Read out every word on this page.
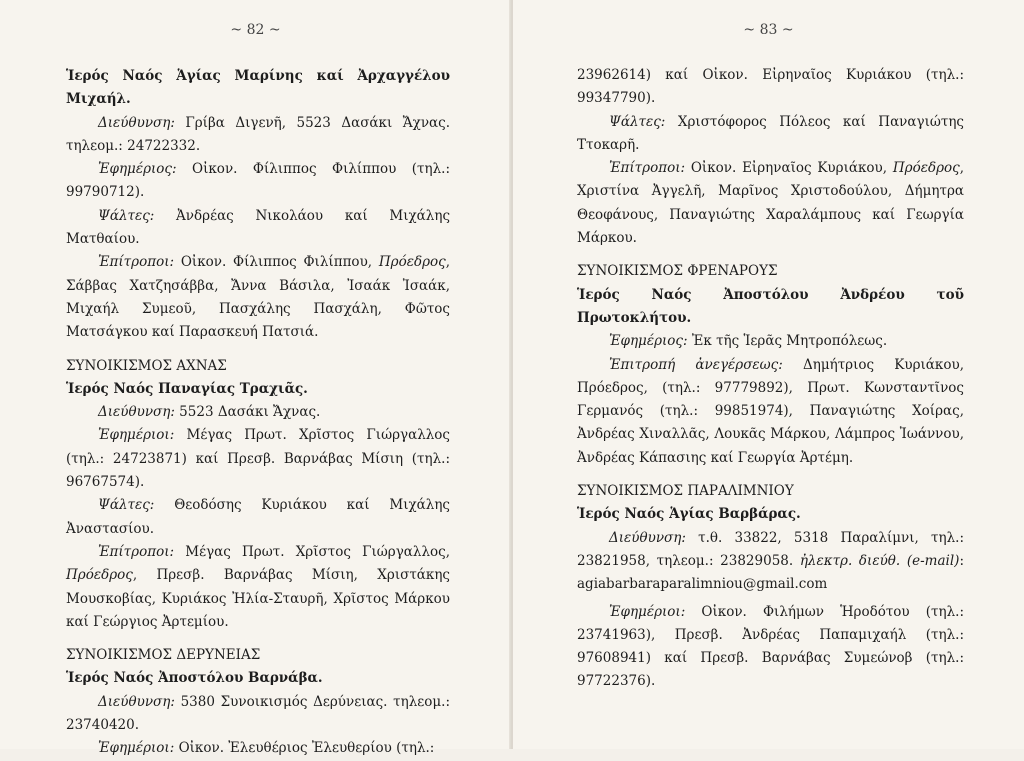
~ 82 ~

Ἱερός Ναός Ἁγίας Μαρίνης καί Ἀρχαγγέλου Μιχαήλ.

Διεύθυνση: Γρίβα Διγενῆ, 5523 Δασάκι Ἄχνας. τηλεομ.: 24722332.

Ἐφημέριος: Οἰκον. Φίλιππος Φιλίππου (τηλ.: 99790712).

Ψάλτες: Ἀνδρέας Νικολάου καί Μιχάλης Ματθαίου.

Ἐπίτροποι: Οἰκον. Φίλιππος Φιλίππου, Πρόεδρος, Σάββας Χατζησάββα, Ἄννα Βάσιλα, Ἰσαάκ Ἰσαάκ, Μιχαήλ Συμεοῦ, Πασχάλης Πασχάλη, Φῶτος Ματσάγκου καί Παρασκευή Πατσιά.

ΣΥΝΟΙΚΙΣΜΟΣ ΑΧΝΑΣ

Ἱερός Ναός Παναγίας Τραχιᾶς.

Διεύθυνση: 5523 Δασάκι Ἄχνας.

Ἐφημέριοι: Μέγας Πρωτ. Χρῖστος Γιώργαλλος (τηλ.: 24723871) καί Πρεσβ. Βαρνάβας Μίσιη (τηλ.: 96767574).

Ψάλτες: Θεοδόσης Κυριάκου καί Μιχάλης Ἀναστασίου.

Ἐπίτροποι: Μέγας Πρωτ. Χρῖστος Γιώργαλλος, Πρόεδρος, Πρεσβ. Βαρνάβας Μίσιη, Χριστάκης Μουσκοβίας, Κυριάκος Ἠλία-Σταυρῆ, Χρῖστος Μάρκου καί Γεώργιος Ἀρτεμίου.

ΣΥΝΟΙΚΙΣΜΟΣ ΔΕΡΥΝΕΙΑΣ

Ἱερός Ναός Ἀποστόλου Βαρνάβα.

Διεύθυνση: 5380 Συνοικισμός Δερύνειας. τηλεομ.: 23740420.

Ἐφημέριοι: Οἰκον. Ἐλευθέριος Ἐλευθερίου (τηλ.:

~ 83 ~

23962614) καί Οἰκον. Εἰρηναῖος Κυριάκου (τηλ.: 99347790).

Ψάλτες: Χριστόφορος Πόλεος καί Παναγιώτης Ττοκαρῆ.

Ἐπίτροποι: Οἰκον. Εἰρηναῖος Κυριάκου, Πρόεδρος, Χριστίνα Ἀγγελῆ, Μαρῖνος Χριστοδούλου, Δήμητρα Θεοφάνους, Παναγιώτης Χαραλάμπους καί Γεωργία Μάρκου.

ΣΥΝΟΙΚΙΣΜΟΣ ΦΡΕΝΑΡΟΥΣ

Ἱερός Ναός Ἀποστόλου Ἀνδρέου τοῦ Πρωτοκλήτου.

Ἐφημέριος: Ἐκ τῆς Ἱερᾶς Μητροπόλεως.

Ἐπιτροπή ἀνεγέρσεως: Δημήτριος Κυριάκου, Πρόεδρος, (τηλ.: 97779892), Πρωτ. Κωνσταντῖνος Γερμανός (τηλ.: 99851974), Παναγιώτης Χοίρας, Ἀνδρέας Χιναλλᾶς, Λουκᾶς Μάρκου, Λάμπρος Ἰωάννου, Ἀνδρέας Κάπασιης καί Γεωργία Ἀρτέμη.

ΣΥΝΟΙΚΙΣΜΟΣ ΠΑΡΑΛΙΜΝΙΟΥ

Ἱερός Ναός Ἁγίας Βαρβάρας.

Διεύθυνση: τ.θ. 33822, 5318 Παραλίμνι, τηλ.: 23821958, τηλεομ.: 23829058. ἠλεκτρ. διεύθ. (e-mail): agiabarbaraparalimniou@gmail.com

Ἐφημέριοι: Οἰκον. Φιλήμων Ἡροδότου (τηλ.: 23741963), Πρεσβ. Ἀνδρέας Παπαμιχαήλ (τηλ.: 97608941) καί Πρεσβ. Βαρνάβας Συμεώνοβ (τηλ.: 97722376).
